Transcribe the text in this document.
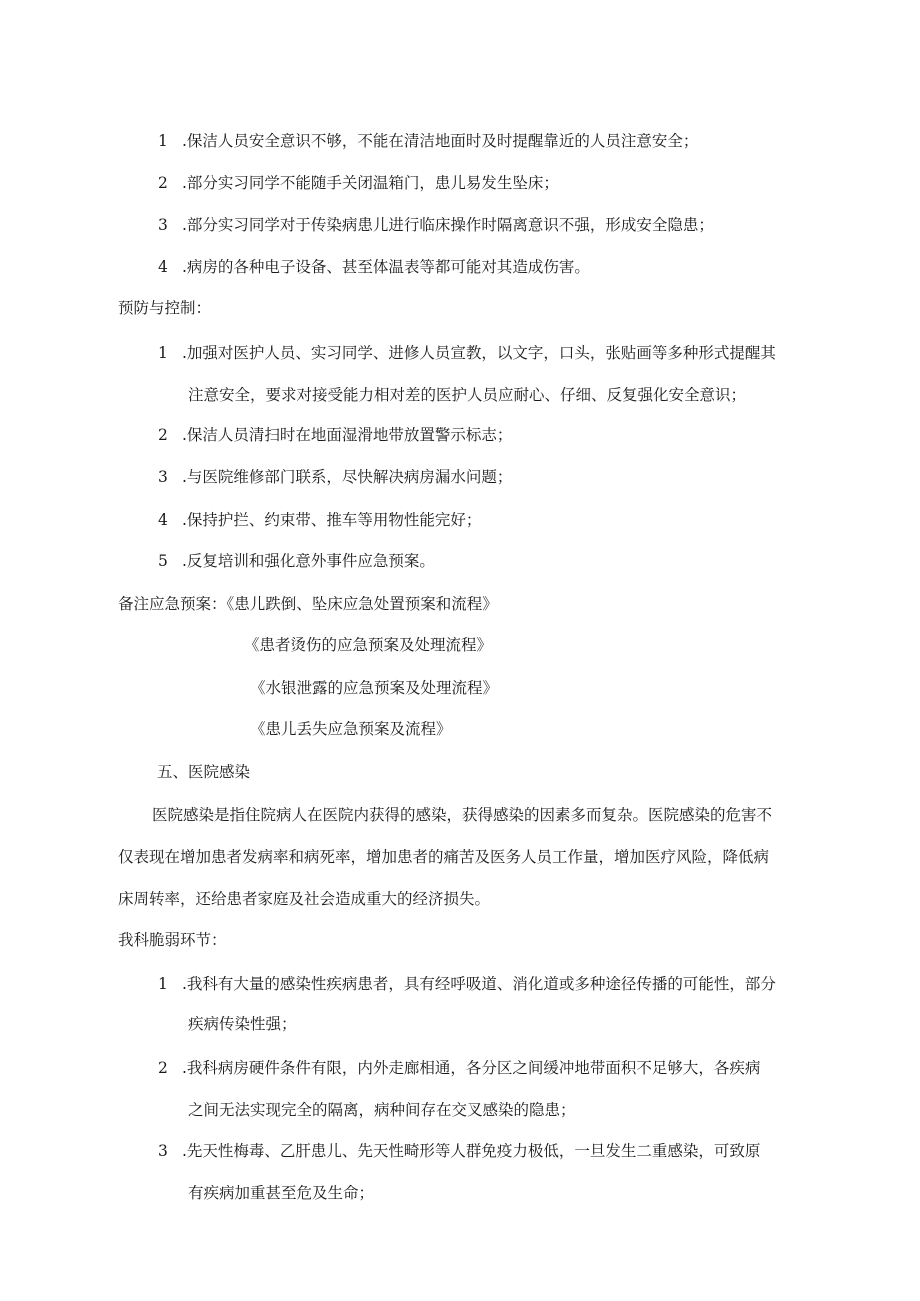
1 .保洁人员安全意识不够，不能在清洁地面时及时提醒靠近的人员注意安全；
2 .部分实习同学不能随手关闭温箱门，患儿易发生坠床；
3 .部分实习同学对于传染病患儿进行临床操作时隔离意识不强，形成安全隐患；
4 .病房的各种电子设备、甚至体温表等都可能对其造成伤害。
预防与控制：
1 .加强对医护人员、实习同学、进修人员宣教，以文字，口头，张贴画等多种形式提醒其
注意安全，要求对接受能力相对差的医护人员应耐心、仔细、反复强化安全意识；
2 .保洁人员清扫时在地面湿滑地带放置警示标志；
3 .与医院维修部门联系，尽快解决病房漏水问题；
4 .保持护拦、约束带、推车等用物性能完好；
5 .反复培训和强化意外事件应急预案。
备注应急预案：《患儿跌倒、坠床应急处置预案和流程》
《患者烫伤的应急预案及处理流程》
《水银泄露的应急预案及处理流程》
《患儿丢失应急预案及流程》
五、医院感染
医院感染是指住院病人在医院内获得的感染，获得感染的因素多而复杂。医院感染的危害不
仅表现在增加患者发病率和病死率，增加患者的痛苦及医务人员工作量，增加医疗风险，降低病
床周转率，还给患者家庭及社会造成重大的经济损失。
我科脆弱环节：
1 .我科有大量的感染性疾病患者，具有经呼吸道、消化道或多种途径传播的可能性，部分
疾病传染性强；
2 .我科病房硬件条件有限，内外走廊相通，各分区之间缓冲地带面积不足够大，各疾病
之间无法实现完全的隔离，病种间存在交叉感染的隐患；
3 .先天性梅毒、乙肝患儿、先天性畸形等人群免疫力极低，一旦发生二重感染，可致原
有疾病加重甚至危及生命；
